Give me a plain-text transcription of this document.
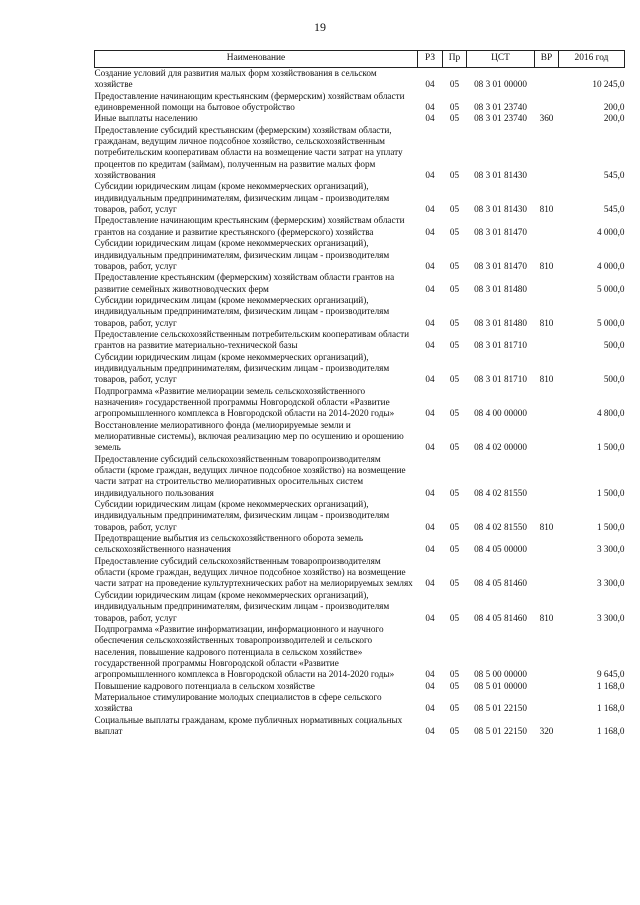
19
Наименование	РЗ	Пр	ЦСТ	ВР	2016 год
Создание условий для развития малых форм хозяйствования в сельском хозяйстве	04	05	08 3 01 00000		10 245,0
Предоставление начинающим крестьянским (фермерским) хозяйствам области единовременной помощи на бытовое обустройство	04	05	08 3 01 23740		200,0
Иные выплаты населению	04	05	08 3 01 23740	360	200,0
Предоставление субсидий крестьянским (фермерским) хозяйствам области, гражданам, ведущим личное подсобное хозяйство, сельскохозяйственным потребительским кооперативам области на возмещение части затрат на уплату процентов по кредитам (займам), полученным на развитие малых форм хозяйствования	04	05	08 3 01 81430		545,0
Субсидии юридическим лицам (кроме некоммерческих организаций), индивидуальным предпринимателям, физическим лицам - производителям товаров, работ, услуг	04	05	08 3 01 81430	810	545,0
Предоставление начинающим крестьянским (фермерским) хозяйствам области грантов на создание и развитие крестьянского (фермерского) хозяйства	04	05	08 3 01 81470		4 000,0
Субсидии юридическим лицам (кроме некоммерческих организаций), индивидуальным предпринимателям, физическим лицам - производителям товаров, работ, услуг	04	05	08 3 01 81470	810	4 000,0
Предоставление крестьянским (фермерским) хозяйствам области грантов на развитие семейных животноводческих ферм	04	05	08 3 01 81480		5 000,0
Субсидии юридическим лицам (кроме некоммерческих организаций), индивидуальным предпринимателям, физическим лицам - производителям товаров, работ, услуг	04	05	08 3 01 81480	810	5 000,0
Предоставление сельскохозяйственным потребительским кооперативам области грантов на развитие материально-технической базы	04	05	08 3 01 81710		500,0
Субсидии юридическим лицам (кроме некоммерческих организаций), индивидуальным предпринимателям, физическим лицам - производителям товаров, работ, услуг	04	05	08 3 01 81710	810	500,0
Подпрограмма «Развитие мелиорации земель сельскохозяйственного назначения» государственной программы Новгородской области «Развитие агропромышленного комплекса в Новгородской области на 2014-2020 годы»	04	05	08 4 00 00000		4 800,0
Восстановление мелиоративного фонда (мелиорируемые земли и мелиоративные системы), включая реализацию мер по осушению и орошению земель	04	05	08 4 02 00000		1 500,0
Предоставление субсидий сельскохозяйственным товаропроизводителям области (кроме граждан, ведущих личное подсобное хозяйство) на возмещение части затрат на строительство мелиоративных оросительных систем индивидуального пользования	04	05	08 4 02 81550		1 500,0
Субсидии юридическим лицам (кроме некоммерческих организаций), индивидуальным предпринимателям, физическим лицам - производителям товаров, работ, услуг	04	05	08 4 02 81550	810	1 500,0
Предотвращение выбытия из сельскохозяйственного оборота земель сельскохозяйственного назначения	04	05	08 4 05 00000		3 300,0
Предоставление субсидий сельскохозяйственным товаропроизводителям области (кроме граждан, ведущих личное подсобное хозяйство) на возмещение части затрат на проведение культуртехнических работ на мелиорируемых землях	04	05	08 4 05 81460		3 300,0
Субсидии юридическим лицам (кроме некоммерческих организаций), индивидуальным предпринимателям, физическим лицам - производителям товаров, работ, услуг	04	05	08 4 05 81460	810	3 300,0
Подпрограмма «Развитие информатизации, информационного и научного обеспечения сельскохозяйственных товаропроизводителей и сельского населения, повышение кадрового потенциала в сельском хозяйстве» государственной программы Новгородской области «Развитие агропромышленного комплекса в Новгородской области на 2014-2020 годы»	04	05	08 5 00 00000		9 645,0
Повышение кадрового потенциала в сельском хозяйстве	04	05	08 5 01 00000		1 168,0
Материальное стимулирование молодых специалистов в сфере сельского хозяйства	04	05	08 5 01 22150		1 168,0
Социальные выплаты гражданам, кроме публичных нормативных социальных выплат	04	05	08 5 01 22150	320	1 168,0
